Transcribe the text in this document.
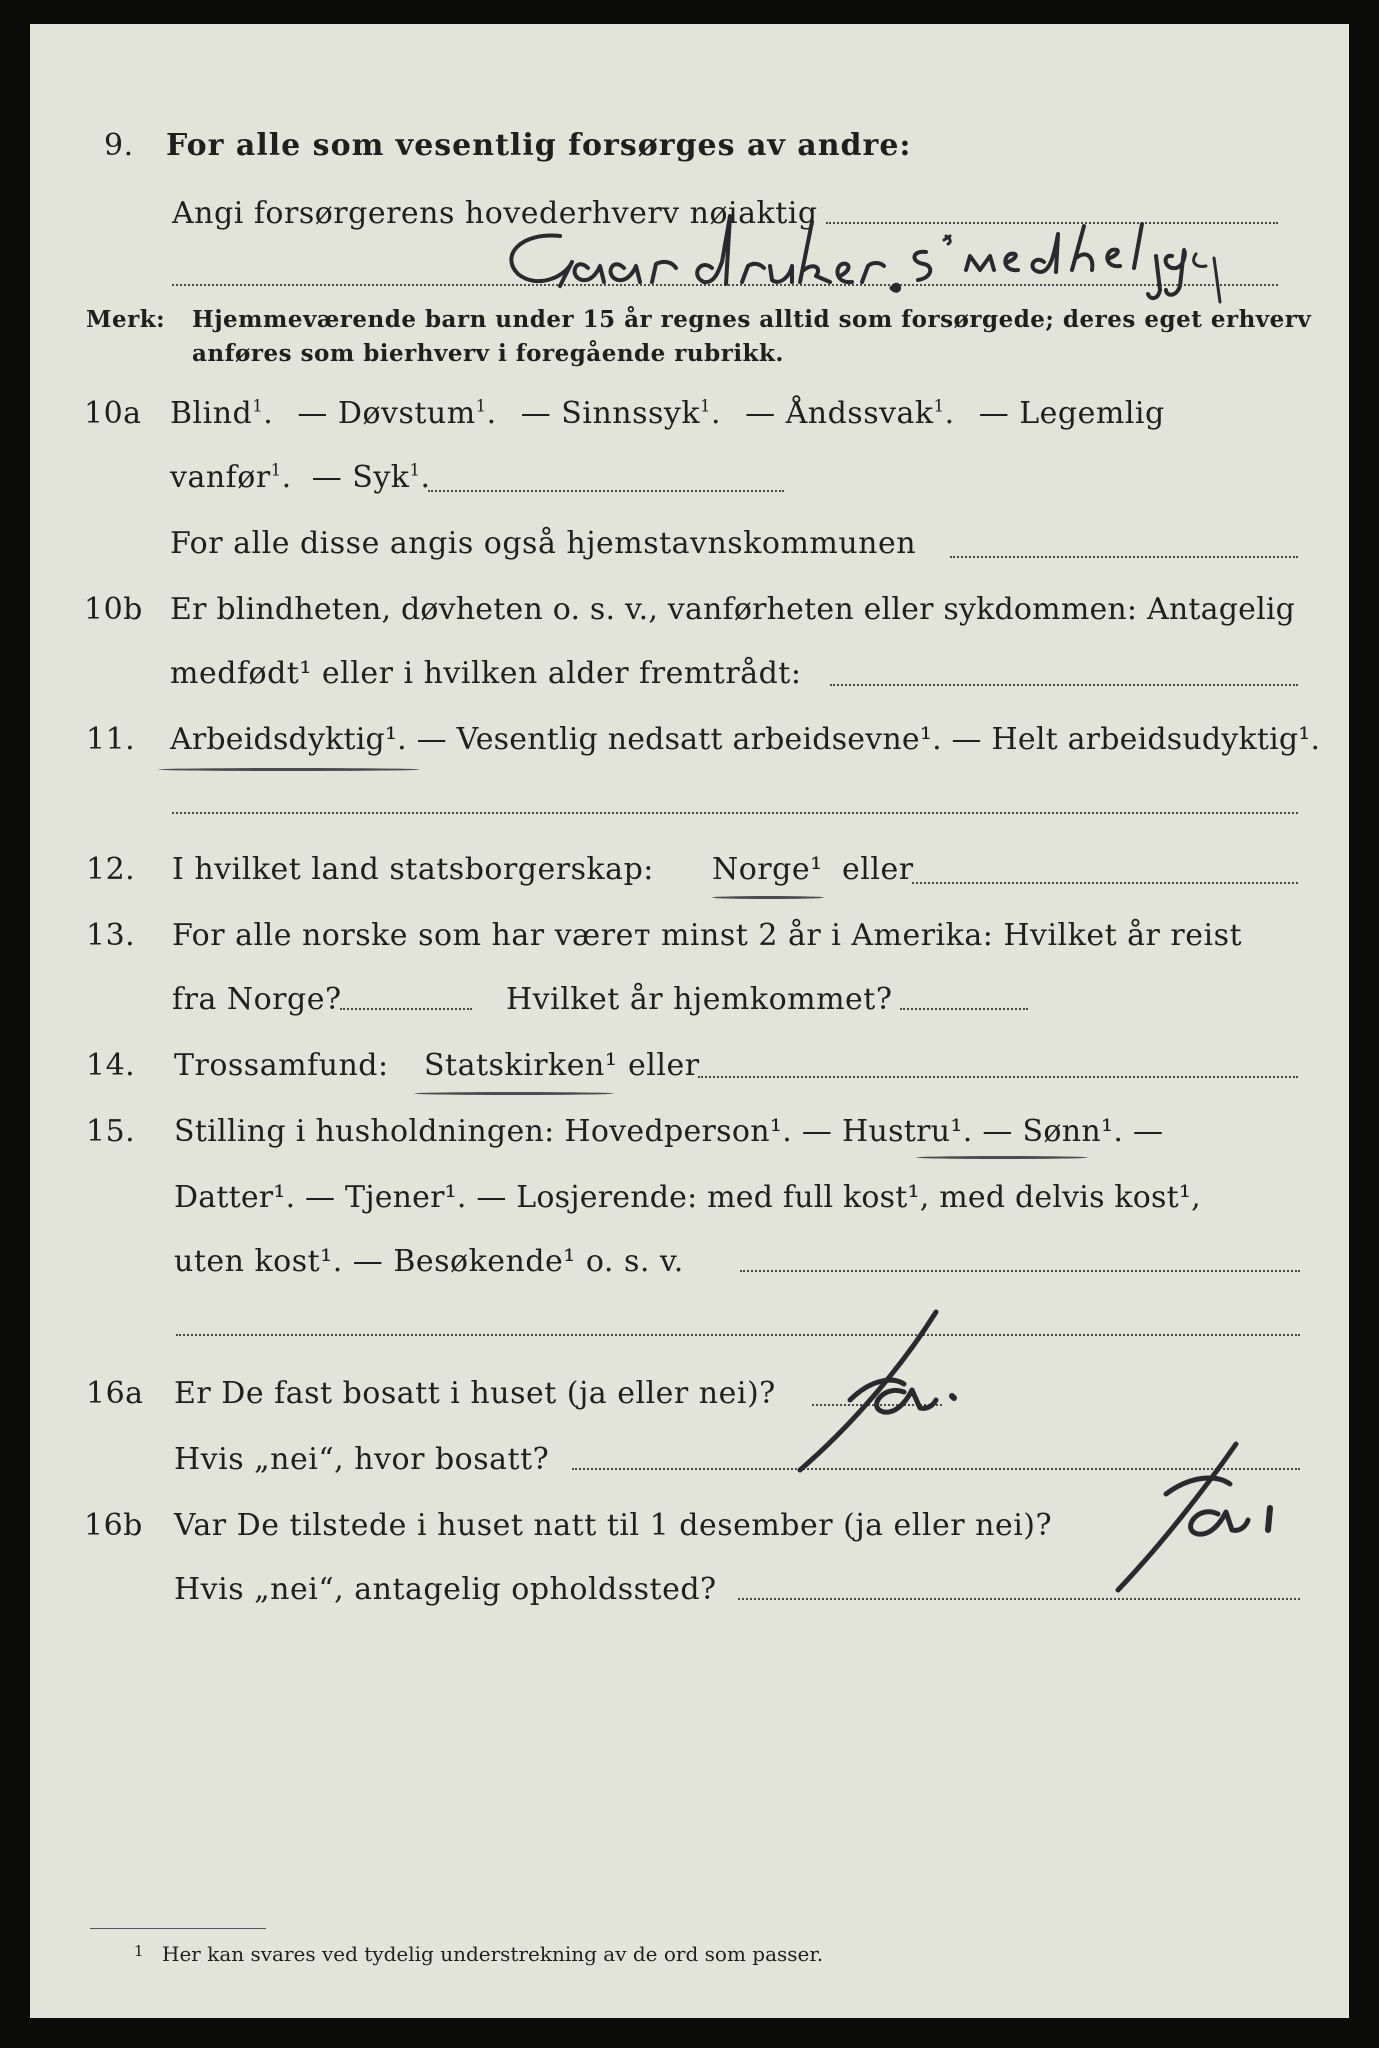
9. For alle som vesentlig forsørges av andre:
Angi forsørgerens hovederhverv nøiaktig
Merk: Hjemmeværende barn under 15 år regnes alltid som forsørgede; deres eget erhverv
anføres som bierhverv i foregående rubrikk.
10a Blind$^1$. — Døvstum$^1$. — Sinnssyk$^1$. — Åndssvak$^1$. — Legemlig
vanfør$^1$. — Syk$^1$.
For alle disse angis også hjemstavnskommunen
10b Er blindheten, døvheten o. s. v., vanførheten eller sykdommen: Antagelig
medfødt¹ eller i hvilken alder fremtrådt:
11. Arbeidsdyktig¹. — Vesentlig nedsatt arbeidsevne¹. — Helt arbeidsudyktig¹.
12. I hvilket land statsborgerskap: Norge¹ eller
13. For alle norske som har væreт minst 2 år i Amerika: Hvilket år reist
fra Norge?	Hvilket år hjemkommet?
14. Trossamfund: Statskirken¹ eller
15. Stilling i husholdningen: Hovedperson¹. — Hustru¹. — Sønn¹. —
Datter¹. — Tjener¹. — Losjerende: med full kost¹, med delvis kost¹,
uten kost¹. — Besøkende¹ o. s. v.
16a Er De fast bosatt i huset (ja eller nei)?
Hvis „nei“, hvor bosatt?
16b Var De tilstede i huset natt til 1 desember (ja eller nei)?
Hvis „nei“, antagelig opholdssted?
1 Her kan svares ved tydelig understrekning av de ord som passer.
